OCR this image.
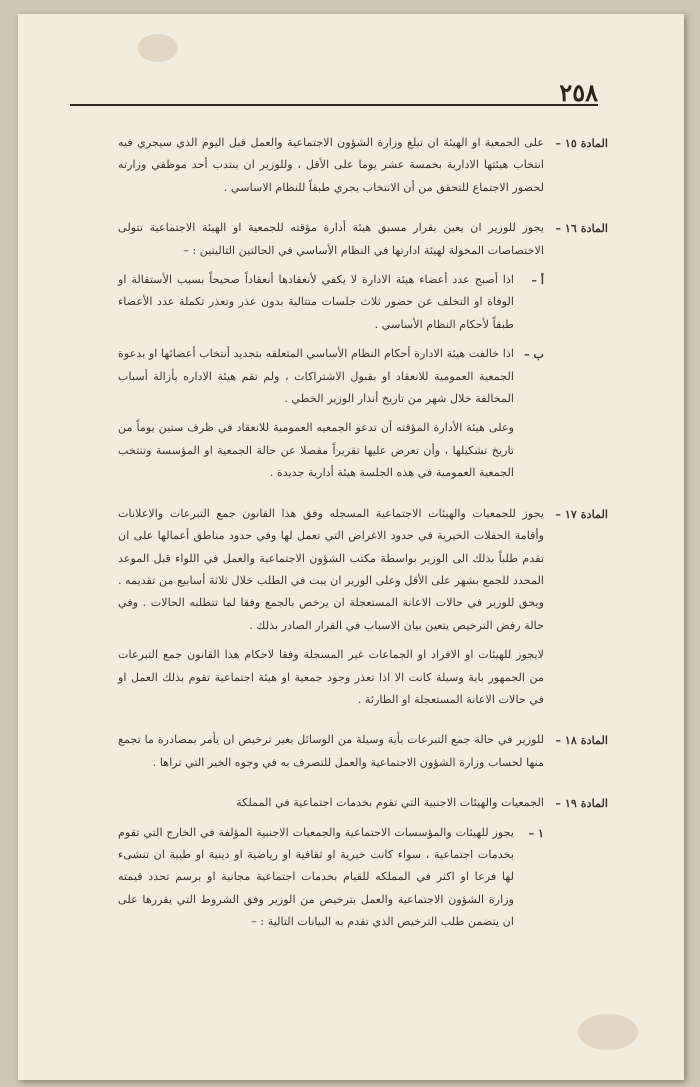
٢٥٨
المادة ١٥ –

على الجمعية او الهيئة ان تبلغ وزارة الشؤون الاجتماعية والعمل قبل اليوم الذي سيجري فيه انتخاب هيئتها الادارية بخمسة عشر يوما على الأقل ، وللوزير ان ينتدب أحد موظفي وزارته لحضور الاجتماع للتحقق من أن الانتخاب يجري طبقاً للنظام الاساسي .

المادة ١٦ –

يجوز للوزير ان يعين بقرار مسبق هيئة أدارة مؤقته للجمعية او الهيئة الاجتماعية تتولى الاختصاصات المخولة لهيئة ادارتها في النظام الأساسي في الحالتين التاليتين : –

أ –
اذا أصبح عدد أعضاء هيئة الادارة لا يكفي لأنعقادها أنعقاداً صحيحاً بسبب الأستقالة او الوفاة او التخلف عن حضور ثلاث جلسات متتالية بدون عذر وتعذر تكملة عدد الأعضاء طبقاً لأحكام النظام الأساسي .
ب –
اذا خالفت هيئة الادارة أحكام النظام الأساسي المتعلقه بتجديد أنتخاب أعضائها او بدعوة الجمعية العمومية للانعقاد او بقبول الاشتراكات ، ولم تقم هيئة الاداره بأزالة أسباب المخالفة خلال شهر من تاريخ أنذار الوزير الخطي .
وعلى هيئة الأدارة المؤقته أن تدعو الجمعيه العمومية للانعقاد في ظرف ستين يوماً من تاريخ تشكيلها ، وأن تعرض عليها تقريراً مفصلا عن حالة الجمعية او المؤسسة وتنتخب الجمعية العمومية في هذه الجلسة هيئة أدارية جديدة .
المادة ١٧ –

يجوز للجمعيات والهيئات الاجتماعية المسجله وفق هذا القانون جمع التبرعات والاعلانات وأقامة الحفلات الخيرية في حدود الاغراض التي تعمل لها وفي حدود مناطق أعمالها على ان تقدم طلباً بذلك الى الوزير بواسطة مكتب الشؤون الاجتماعية والعمل في اللواء قبل الموعد المحدد للجمع بشهر على الأقل وعلى الوزير ان يبت في الطلب خلال ثلاثة أسابيع من تقديمه . ويحق للوزير في حالات الاعانة المستعجلة ان يرخص بالجمع وفقا لما تتطلبه الحالات . وفي حالة رفض الترخيص يتعين بيان الاسباب في القرار الصادر بذلك .

لايجوز للهيئات او الافراد او الجماعات غير المسجلة وفقا لاحكام هذا القانون جمع التبرعات من الجمهور باية وسيلة كانت الا اذا تعذر وجود جمعية او هيئة اجتماعية تقوم بذلك العمل او في حالات الاعانة المستعجلة او الطارئة .

المادة ١٨ –

للوزير في حالة جمع التبرعات بأية وسيلة من الوسائل بغير ترخيص ان يأمر بمصادرة ما تجمع منها لحساب وزارة الشؤون الاجتماعية والعمل للتصرف به في وجوه الخير التي تراها .

المادة ١٩ –

الجمعيات والهيئات الاجنبية التي تقوم بخدمات اجتماعية في المملكة

١ –
يجوز للهيئات والمؤسسات الاجتماعية والجمعيات الاجنبية المؤلفة في الخارج التي تقوم بخدمات اجتماعية ، سواء كانت خيرية او ثقافية او رياضية او دينية او طبية ان تنشىء لها فرعا او اكثر في المملكه للقيام بخدمات اجتماعية مجانية او برسم تحدد قيمته وزارة الشؤون الاجتماعية والعمل بترخيص من الوزير وفق الشروط التي يقررها على ان يتضمن طلب الترخيص الذي تقدم به البيانات التالية : –
